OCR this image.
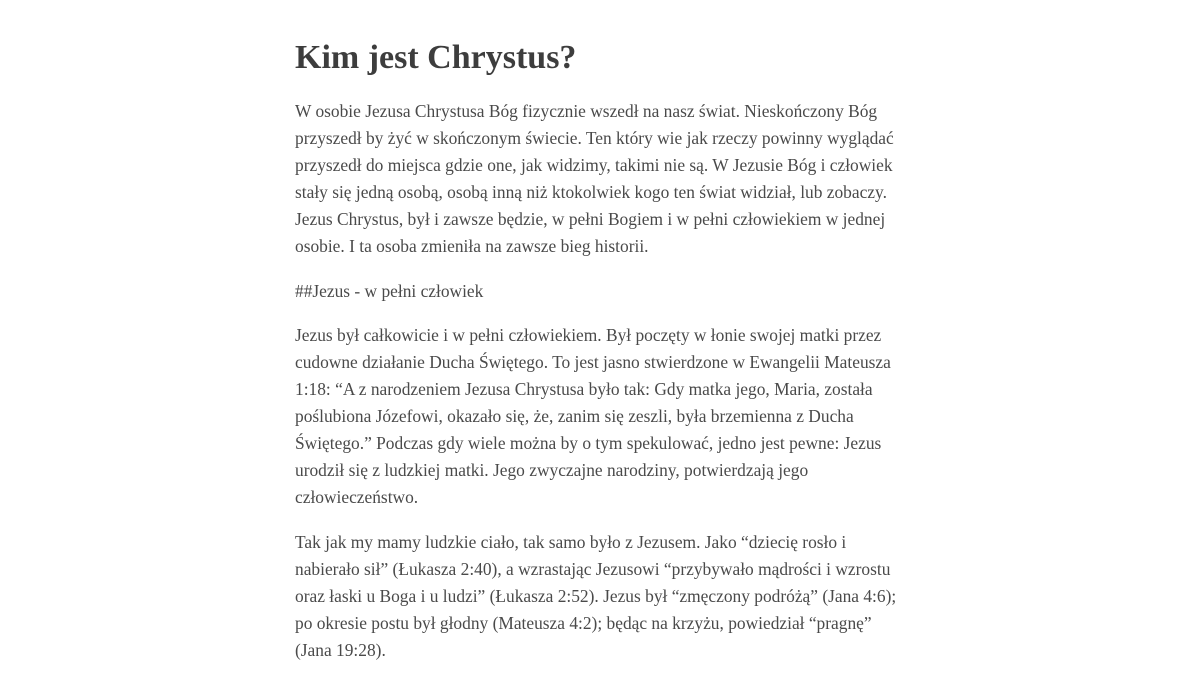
Kim jest Chrystus?

W osobie Jezusa Chrystusa Bóg fizycznie wszedł na nasz świat. Nieskończony Bóg przyszedł by żyć w skończonym świecie. Ten który wie jak rzeczy powinny wyglądać przyszedł do miejsca gdzie one, jak widzimy, takimi nie są. W Jezusie Bóg i człowiek stały się jedną osobą, osobą inną niż ktokolwiek kogo ten świat widział, lub zobaczy. Jezus Chrystus, był i zawsze będzie, w pełni Bogiem i w pełni człowiekiem w jednej osobie. I ta osoba zmieniła na zawsze bieg historii.

##Jezus - w pełni człowiek

Jezus był całkowicie i w pełni człowiekiem. Był poczęty w łonie swojej matki przez cudowne działanie Ducha Świętego. To jest jasno stwierdzone w Ewangelii Mateusza 1:18: “A z narodzeniem Jezusa Chrystusa było tak: Gdy matka jego, Maria, została poślubiona Józefowi, okazało się, że, zanim się zeszli, była brzemienna z Ducha Świętego.” Podczas gdy wiele można by o tym spekulować, jedno jest pewne: Jezus urodził się z ludzkiej matki. Jego zwyczajne narodziny, potwierdzają jego człowieczeństwo.

Tak jak my mamy ludzkie ciało, tak samo było z Jezusem. Jako “dziecię rosło i nabierało sił” (Łukasza 2:40), a wzrastając Jezusowi “przybywało mądrości i wzrostu oraz łaski u Boga i u ludzi” (Łukasza 2:52). Jezus był “zmęczony podróżą” (Jana 4:6); po okresie postu był głodny (Mateusza 4:2); będąc na krzyżu, powiedział “pragnę” (Jana 19:28).
